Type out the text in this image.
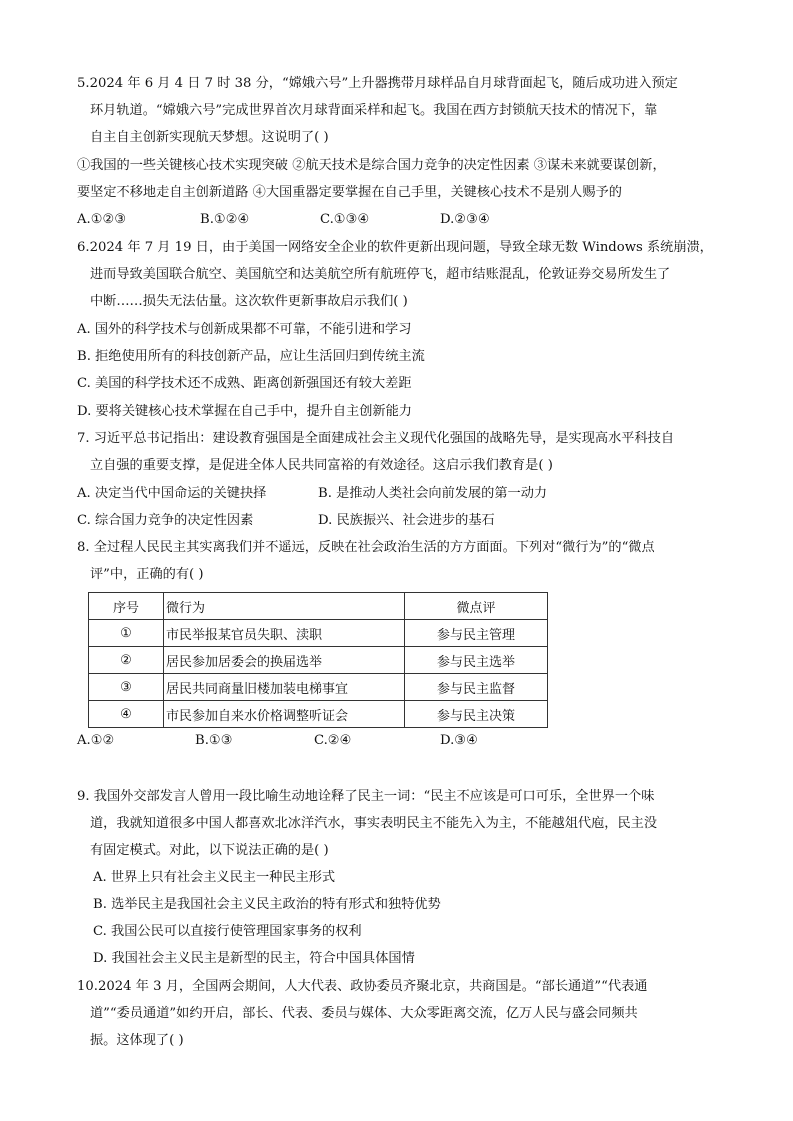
5.2024 年 6 月 4 日 7 时 38 分，“嫦娥六号”上升器携带月球样品自月球背面起飞，随后成功进入预定
环月轨道。“嫦娥六号”完成世界首次月球背面采样和起飞。我国在西方封锁航天技术的情况下，靠
自主自主创新实现航天梦想。这说明了( )
①我国的一些关键核心技术实现突破 ②航天技术是综合国力竞争的决定性因素 ③谋未来就要谋创新，
要坚定不移地走自主创新道路 ④大国重器定要掌握在自己手里，关键核心技术不是别人赐予的
A.①②③	B.①②④	C.①③④	D.②③④
6.2024 年 7 月 19 日，由于美国一网络安全企业的软件更新出现问题，导致全球无数 Windows 系统崩溃，
进而导致美国联合航空、美国航空和达美航空所有航班停飞，超市结账混乱，伦敦证券交易所发生了
中断……损失无法估量。这次软件更新事故启示我们( )
A. 国外的科学技术与创新成果都不可靠，不能引进和学习
B. 拒绝使用所有的科技创新产品，应让生活回归到传统主流
C. 美国的科学技术还不成熟、距离创新强国还有较大差距
D. 要将关键核心技术掌握在自己手中，提升自主创新能力
7. 习近平总书记指出：建设教育强国是全面建成社会主义现代化强国的战略先导，是实现高水平科技自
立自强的重要支撑，是促进全体人民共同富裕的有效途径。这启示我们教育是( )
A. 决定当代中国命运的关键抉择	B. 是推动人类社会向前发展的第一动力
C. 综合国力竞争的决定性因素	D. 民族振兴、社会进步的基石
8. 全过程人民民主其实离我们并不遥远，反映在社会政治生活的方方面面。下列对“微行为”的“微点
评”中，正确的有( )
序号	微行为	微点评
①	市民举报某官员失职、渎职	参与民主管理
②	居民参加居委会的换届选举	参与民主选举
③	居民共同商量旧楼加装电梯事宜	参与民主监督
④	市民参加自来水价格调整听证会	参与民主决策
A.①②	B.①③	C.②④	D.③④
9. 我国外交部发言人曾用一段比喻生动地诠释了民主一词：“民主不应该是可口可乐，全世界一个味
道，我就知道很多中国人都喜欢北冰洋汽水，事实表明民主不能先入为主，不能越俎代庖，民主没
有固定模式。对此，以下说法正确的是( )
A. 世界上只有社会主义民主一种民主形式
B. 选举民主是我国社会主义民主政治的特有形式和独特优势
C. 我国公民可以直接行使管理国家事务的权利
D. 我国社会主义民主是新型的民主，符合中国具体国情
10.2024 年 3 月，全国两会期间，人大代表、政协委员齐聚北京，共商国是。“部长通道”“代表通
道”“委员通道”如约开启，部长、代表、委员与媒体、大众零距离交流，亿万人民与盛会同频共
振。这体现了( )
